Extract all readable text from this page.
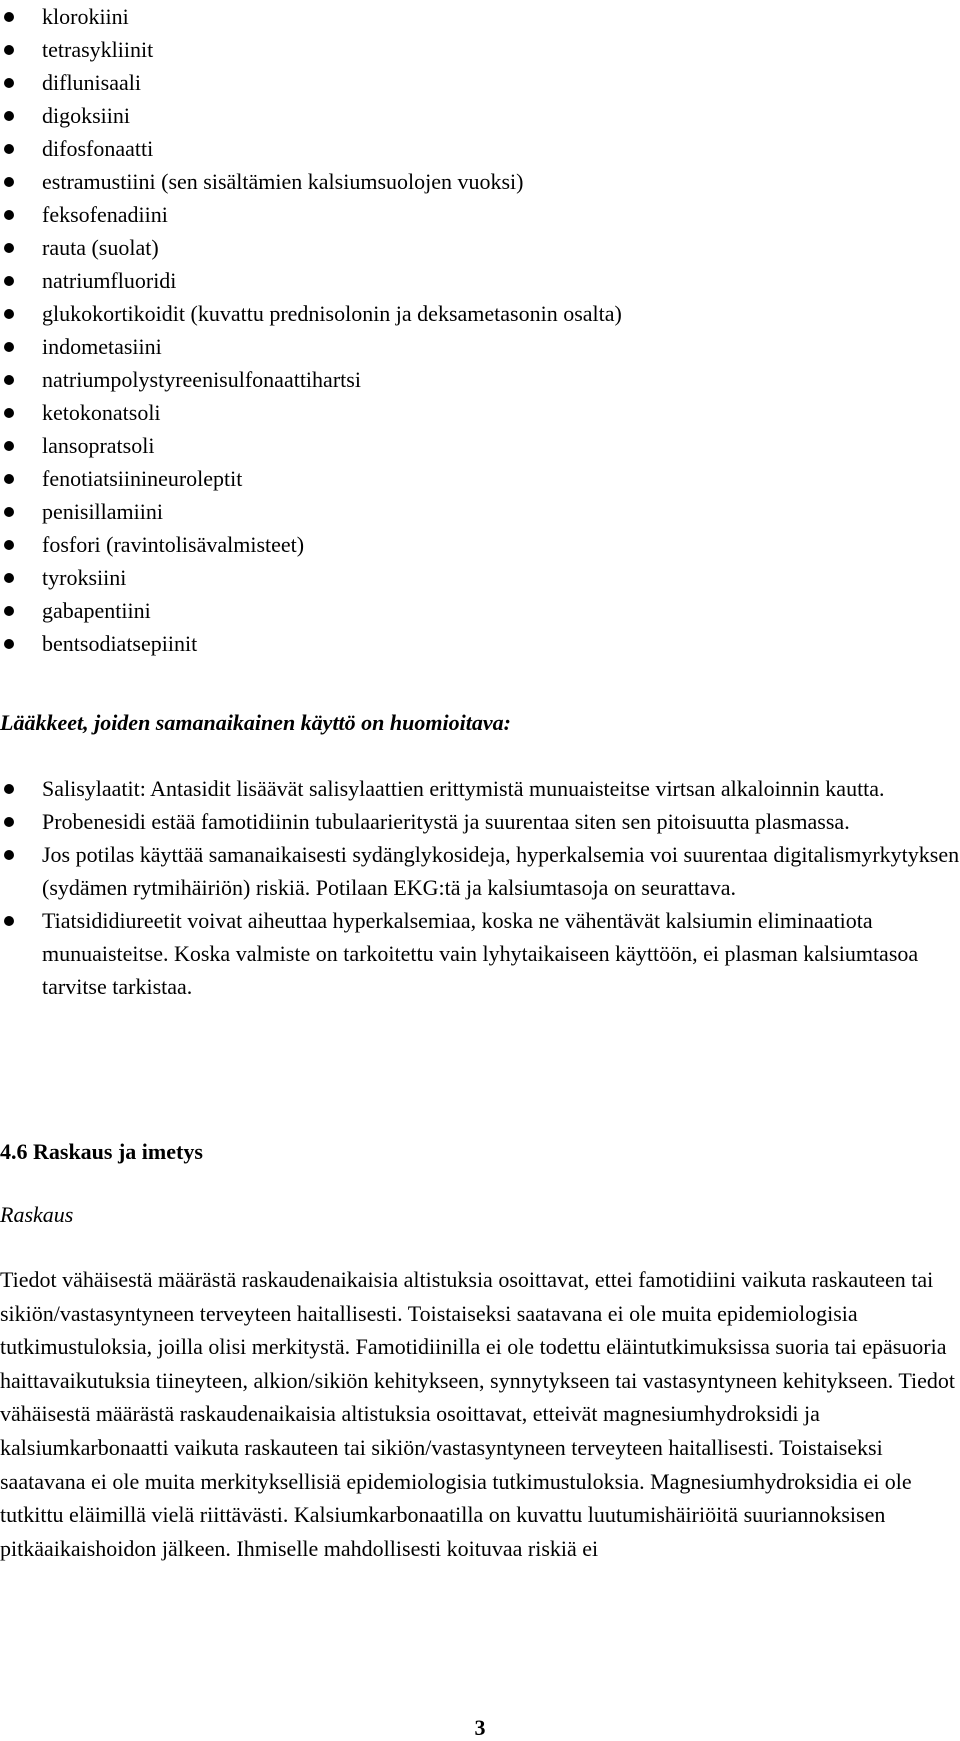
klorokiini
tetrasykliinit
diflunisaali
digoksiini
difosfonaatti
estramustiini (sen sisältämien kalsiumsuolojen vuoksi)
feksofenadiini
rauta (suolat)
natriumfluoridi
glukokortikoidit (kuvattu prednisolonin ja deksametasonin osalta)
indometasiini
natriumpolystyreenisulfonaattihartsi
ketokonatsoli
lansopratsoli
fenotiatsiinineuroleptit
penisillamiini
fosfori (ravintolisävalmisteet)
tyroksiini
gabapentiini
bentsodiatsepiinit
Lääkkeet, joiden samanaikainen käyttö on huomioitava:
Salisylaatit: Antasidit lisäävät salisylaattien erittymistä munuaisteitse virtsan alkaloinnin kautta.
Probenesidi estää famotidiinin tubulaarieritystä ja suurentaa siten sen pitoisuutta plasmassa.
Jos potilas käyttää samanaikaisesti sydänglykosideja, hyperkalsemia voi suurentaa digitalismyrkytyksen (sydämen rytmihäiriön) riskiä. Potilaan EKG:tä ja kalsiumtasoja on seurattava.
Tiatsididiureetit voivat aiheuttaa hyperkalsemiaa, koska ne vähentävät kalsiumin eliminaatiota munuaisteitse. Koska valmiste on tarkoitettu vain lyhytaikaiseen käyttöön, ei plasman kalsiumtasoa tarvitse tarkistaa.
4.6 Raskaus ja imetys
Raskaus

Tiedot vähäisestä määrästä raskaudenaikaisia altistuksia osoittavat, ettei famotidiini vaikuta raskauteen tai sikiön/vastasyntyneen terveyteen haitallisesti. Toistaiseksi saatavana ei ole muita epidemiologisia tutkimustuloksia, joilla olisi merkitystä. Famotidiinilla ei ole todettu eläintutkimuksissa suoria tai epäsuoria haittavaikutuksia tiineyteen, alkion/sikiön kehitykseen, synnytykseen tai vastasyntyneen kehitykseen. Tiedot vähäisestä määrästä raskaudenaikaisia altistuksia osoittavat, etteivät magnesiumhydroksidi ja kalsiumkarbonaatti vaikuta raskauteen tai sikiön/vastasyntyneen terveyteen haitallisesti. Toistaiseksi saatavana ei ole muita merkityksellisiä epidemiologisia tutkimustuloksia. Magnesiumhydroksidia ei ole tutkittu eläimillä vielä riittävästi. Kalsiumkarbonaatilla on kuvattu luutumishäiriöitä suuriannoksisen pitkäaikaishoidon jälkeen. Ihmiselle mahdollisesti koituvaa riskiä ei

3
